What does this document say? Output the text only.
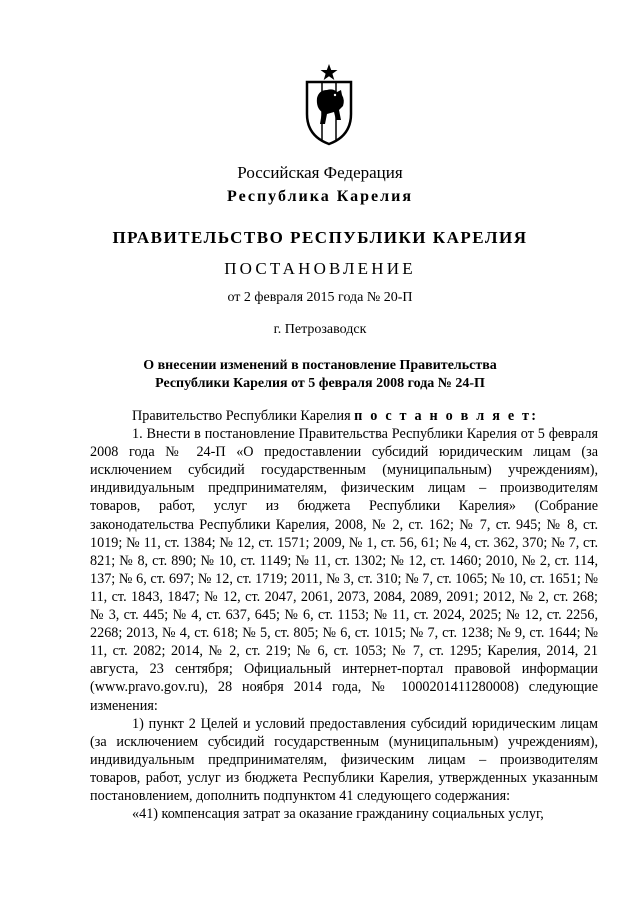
Российская Федерация
Республика Карелия
ПРАВИТЕЛЬСТВО РЕСПУБЛИКИ КАРЕЛИЯ
ПОСТАНОВЛЕНИЕ
от 2 февраля 2015 года № 20-П
г. Петрозаводск
О внесении изменений в постановление Правительства
Республики Карелия от 5 февраля 2008 года № 24-П

Правительство Республики Карелия п о с т а н о в л я е т:

1. Внести в постановление Правительства Республики Карелия от 5 февраля 2008 года № 24-П «О предоставлении субсидий юридическим лицам (за исключением субсидий государственным (муниципальным) учреждениям), индивидуальным предпринимателям, физическим лицам – производителям товаров, работ, услуг из бюджета Республики Карелия» (Собрание законодательства Республики Карелия, 2008, № 2, ст. 162; № 7, ст. 945; № 8, ст. 1019; № 11, ст. 1384; № 12, ст. 1571; 2009, № 1, ст. 56, 61; № 4, ст. 362, 370; № 7, ст. 821; № 8, ст. 890; № 10, ст. 1149; № 11, ст. 1302; № 12, ст. 1460; 2010, № 2, ст. 114, 137; № 6, ст. 697; № 12, ст. 1719; 2011, № 3, ст. 310; № 7, ст. 1065; № 10, ст. 1651; № 11, ст. 1843, 1847; № 12, ст. 2047, 2061, 2073, 2084, 2089, 2091; 2012, № 2, ст. 268; № 3, ст. 445; № 4, ст. 637, 645; № 6, ст. 1153; № 11, ст. 2024, 2025; № 12, ст. 2256, 2268; 2013, № 4, ст. 618; № 5, ст. 805; № 6, ст. 1015; № 7, ст. 1238; № 9, ст. 1644; № 11, ст. 2082; 2014, № 2, ст. 219; № 6, ст. 1053; № 7, ст. 1295; Карелия, 2014, 21 августа, 23 сентября; Официальный интернет-портал правовой информации (www.pravo.gov.ru), 28 ноября 2014 года, № 1000201411280008) следующие изменения:

1) пункт 2 Целей и условий предоставления субсидий юридическим лицам (за исключением субсидий государственным (муниципальным) учреждениям), индивидуальным предпринимателям, физическим лицам – производителям товаров, работ, услуг из бюджета Республики Карелия, утвержденных указанным постановлением, дополнить подпунктом 41 следующего содержания:

«41) компенсация затрат за оказание гражданину социальных услуг,
